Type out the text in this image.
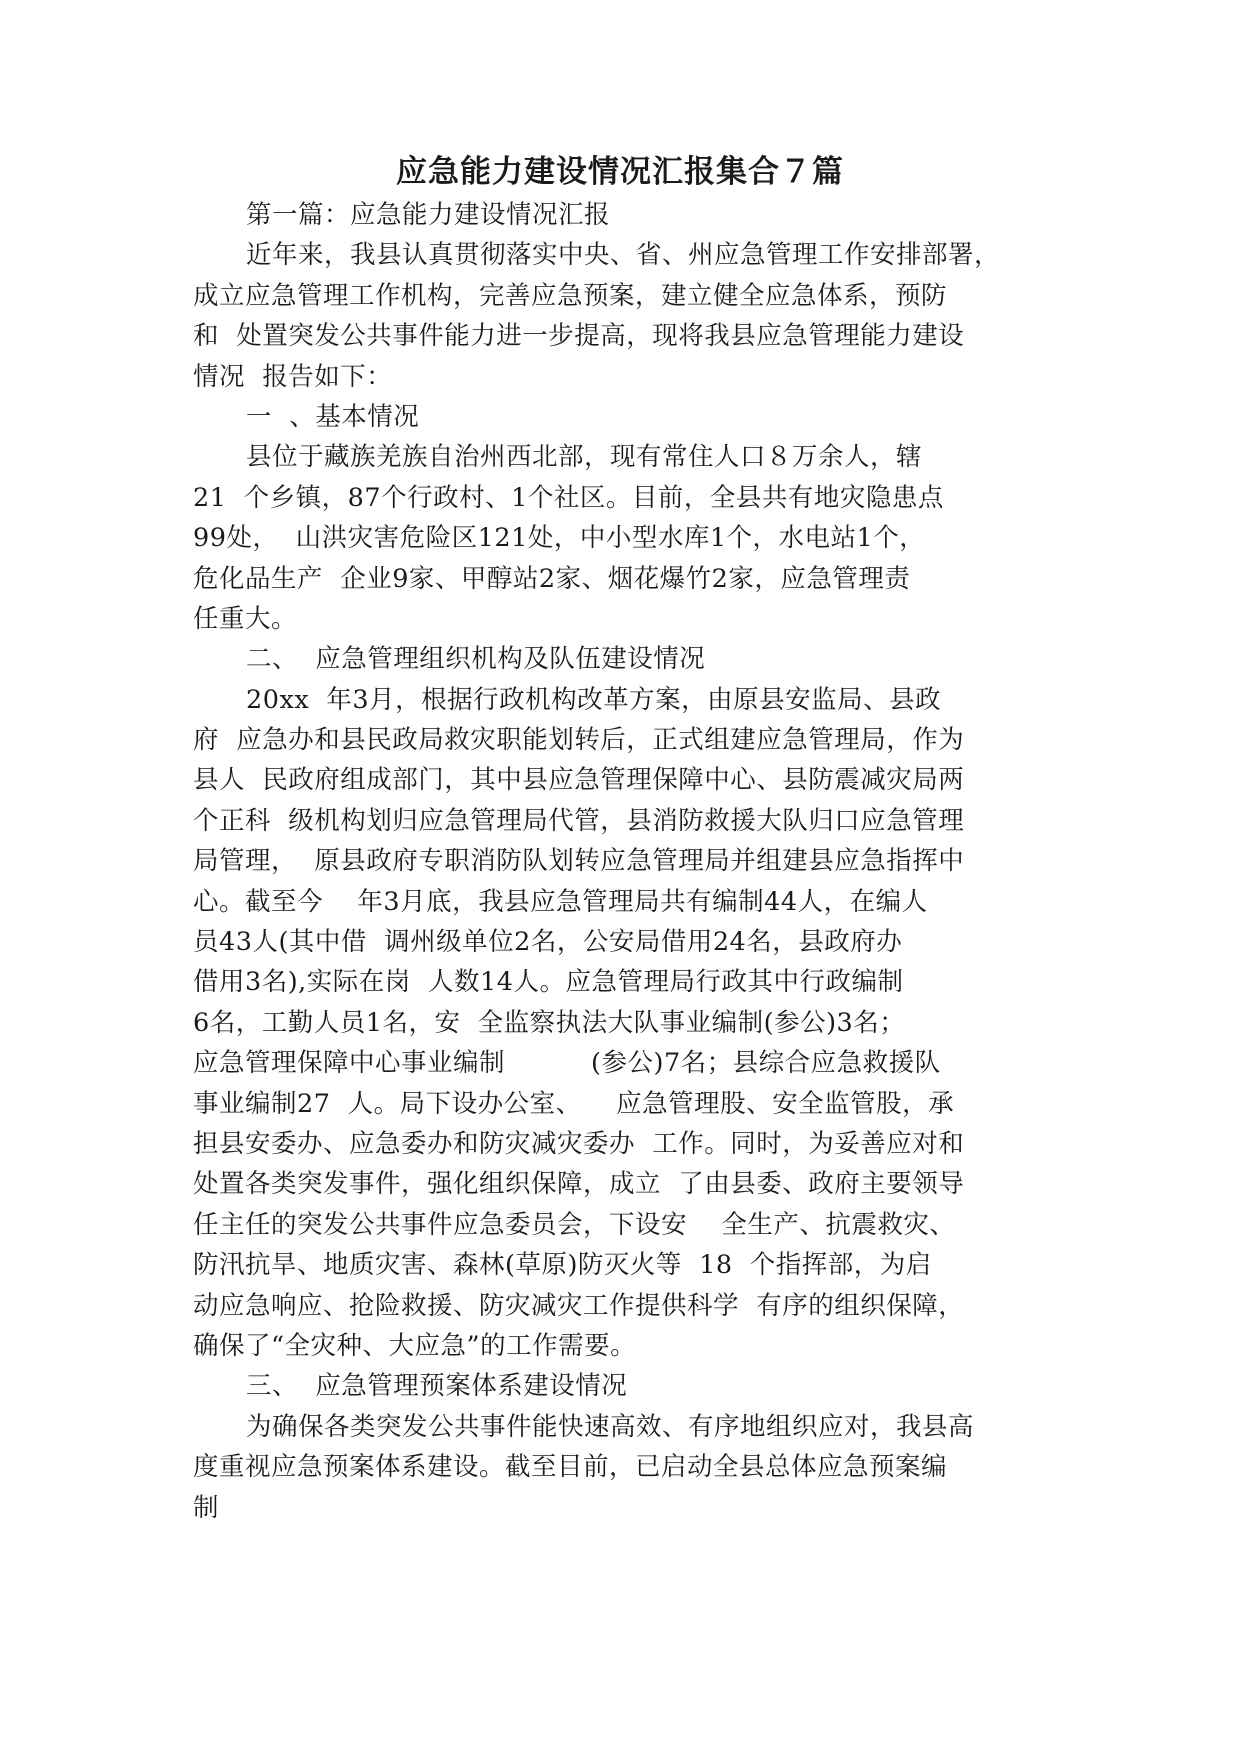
应急能力建设情况汇报集合７篇
第一篇：应急能力建设情况汇报
近年来，我县认真贯彻落实中央、省、州应急管理工作安排部署，
成立应急管理工作机构，完善应急预案，建立健全应急体系，预防
和  处置突发公共事件能力进一步提高，现将我县应急管理能力建设
情况  报告如下：
一  、基本情况
县位于藏族羌族自治州西北部，现有常住人口８万余人，辖
21  个乡镇，87个行政村、1个社区。目前，全县共有地灾隐患点
99处，  山洪灾害危险区121处，中小型水库1个，水电站1个，
危化品生产  企业9家、甲醇站2家、烟花爆竹2家，应急管理责
任重大。
二、  应急管理组织机构及队伍建设情况
20xx  年3月，根据行政机构改革方案，由原县安监局、县政
府  应急办和县民政局救灾职能划转后，正式组建应急管理局，作为
县人  民政府组成部门，其中县应急管理保障中心、县防震减灾局两
个正科  级机构划归应急管理局代管，县消防救援大队归口应急管理
局管理，  原县政府专职消防队划转应急管理局并组建县应急指挥中
心。截至今    年3月底，我县应急管理局共有编制44人，在编人
员43人(其中借  调州级单位2名，公安局借用24名，县政府办
借用3名),实际在岗  人数14人。应急管理局行政其中行政编制
6名，工勤人员1名，安  全监察执法大队事业编制(参公)3名；
应急管理保障中心事业编制          (参公)7名；县综合应急救援队
事业编制27  人。局下设办公室、    应急管理股、安全监管股，承
担县安委办、应急委办和防灾减灾委办  工作。同时，为妥善应对和
处置各类突发事件，强化组织保障，成立  了由县委、政府主要领导
任主任的突发公共事件应急委员会，下设安    全生产、抗震救灾、
防汛抗旱、地质灾害、森林(草原)防灭火等  18  个指挥部，为启
动应急响应、抢险救援、防灾减灾工作提供科学  有序的组织保障，
确保了“全灾种、大应急”的工作需要。
三、  应急管理预案体系建设情况
为确保各类突发公共事件能快速高效、有序地组织应对，我县高
度重视应急预案体系建设。截至目前，已启动全县总体应急预案编
制
